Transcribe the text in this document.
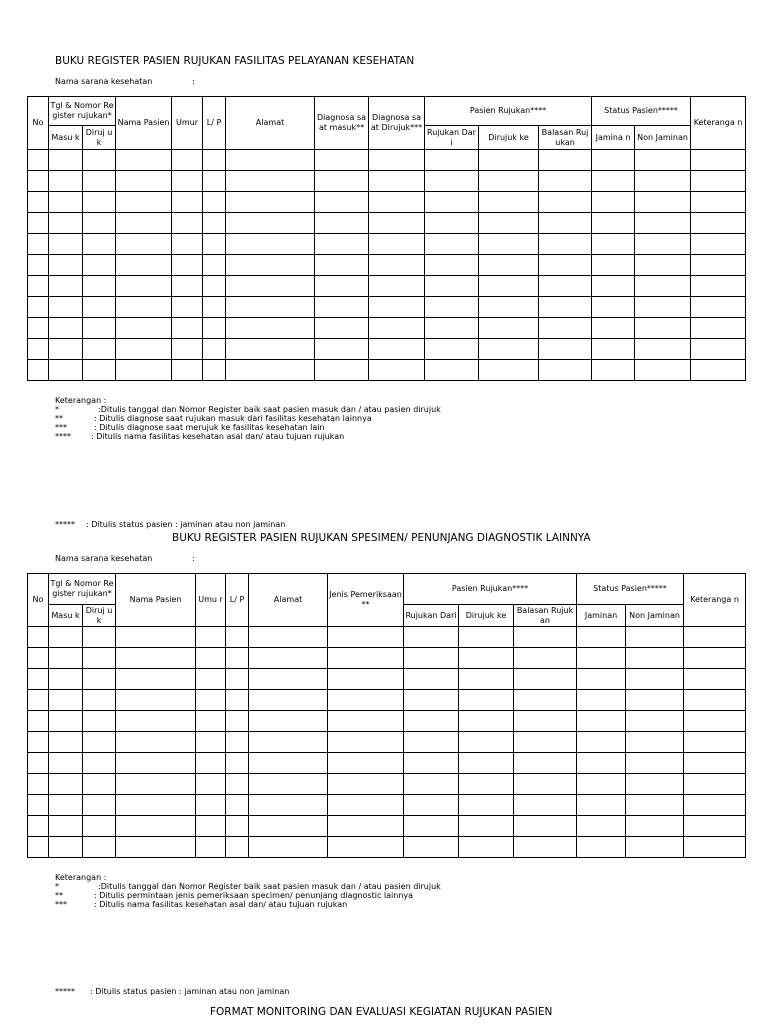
BUKU REGISTER PASIEN RUJUKAN FASILITAS PELAYANAN KESEHATAN
Nama sarana kesehatan	:
No	Tgl & Nomor Register rujukan*		Nama Pasien	Umur	L/ P	Alamat	Diagnosa saat masuk**	Diagnosa saat Dirujuk***	Pasien Rujukan****			Status Pasien*****		Keteranga n
	Masu k	Diruj uk							Rujukan Dari	Dirujuk ke	Balasan Rujukan	Jamina n	Non Jaminan	

Keterangan :
*	:Ditulis tanggal dan Nomor Register baik saat pasien masuk dan / atau pasien dirujuk
**	: Ditulis diagnose saat rujukan masuk dari fasilitas kesehatan lainnya
***	: Ditulis diagnose saat merujuk ke fasilitas kesehatan lain
****	: Ditulis nama fasilitas kesehatan asal dan/ atau tujuan rujukan
***** : Ditulis status pasien : jaminan atau non jaminan
BUKU REGISTER PASIEN RUJUKAN SPESIMEN/ PENUNJANG DIAGNOSTIK LAINNYA
Nama sarana kesehatan	:
No	Tgl & Nomor Register rujukan*		Nama Pasien	Umu r	L/ P	Alamat	Jenis Pemeriksaan**	Pasien Rujukan****			Status Pasien*****		Keteranga n
	Masu k	Diruj uk						Rujukan Dari	Dirujuk ke	Balasan Rujukan	Jaminan	Non Jaminan	

Keterangan :
*	:Ditulis tanggal dan Nomor Register baik saat pasien masuk dan / atau pasien dirujuk
**	: Ditulis permintaan jenis pemeriksaan specimen/ penunjang diagnostic lainnya
***	: Ditulis nama fasilitas kesehatan asal dan/ atau tujuan rujukan
***** : Ditulis status pasien : jaminan atau non jaminan
FORMAT MONITORING DAN EVALUASI KEGIATAN RUJUKAN PASIEN
